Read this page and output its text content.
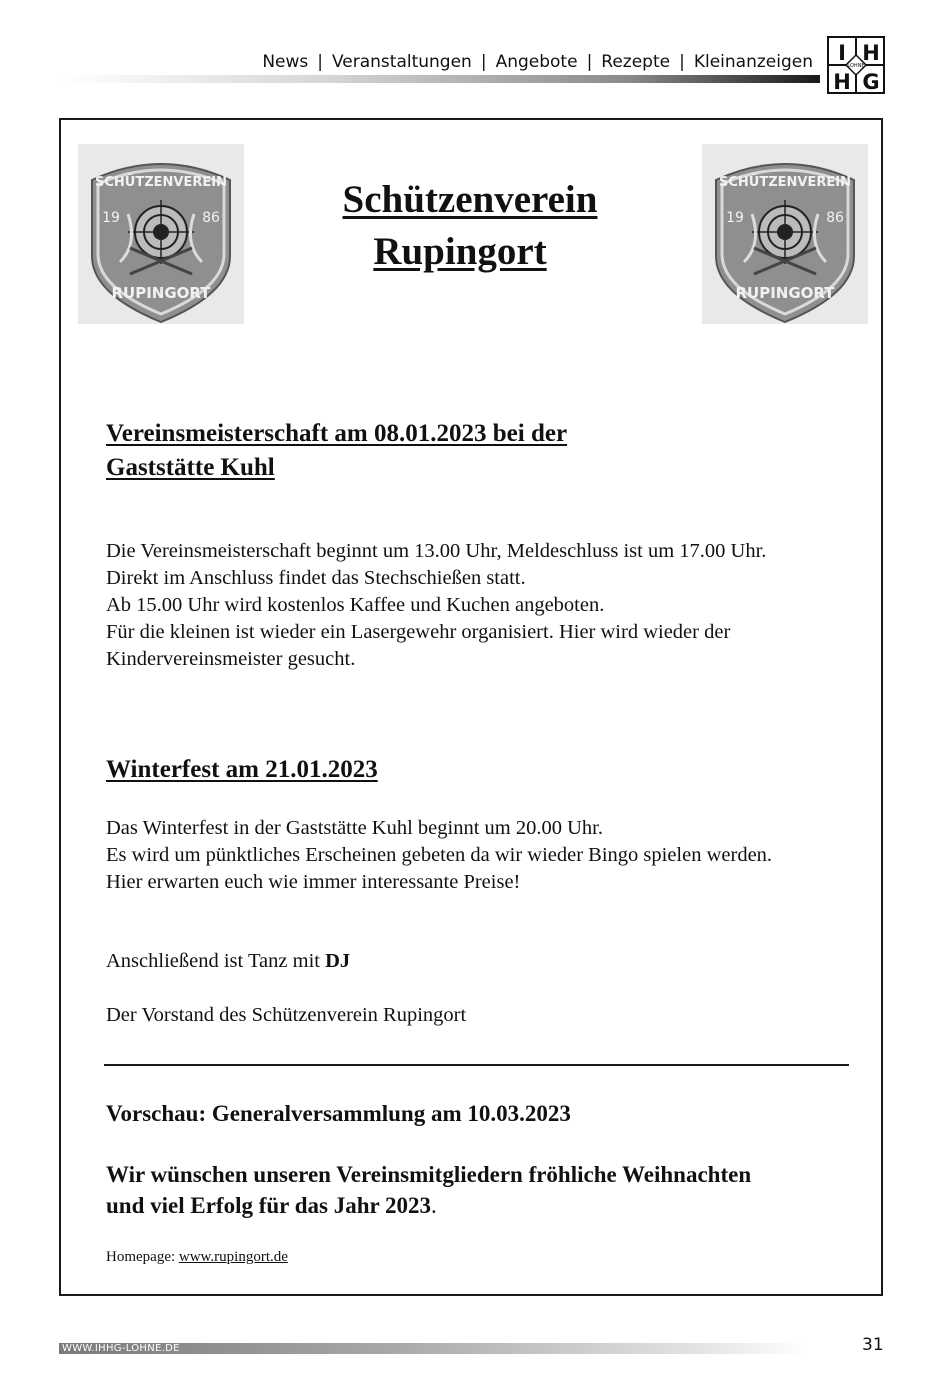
News | Veranstaltungen | Angebote | Rezepte | Kleinanzeigen I H
H G
LOHNE
SCHÜTZENVEREIN
19	86
RUPINGORT
Schützenverein

Rupingort
SCHÜTZENVEREIN
19	86
RUPINGORT
Vereinsmeisterschaft am 08.01.2023 bei der
Gaststätte Kuhl
Die Vereinsmeisterschaft beginnt um 13.00 Uhr, Meldeschluss ist um 17.00 Uhr.
Direkt im Anschluss findet das Stechschießen statt.
Ab 15.00 Uhr wird kostenlos Kaffee und Kuchen angeboten.
Für die kleinen ist wieder ein Lasergewehr organisiert. Hier wird wieder der
Kindervereinsmeister gesucht.
Winterfest am 21.01.2023
Das Winterfest in der Gaststätte Kuhl beginnt um 20.00 Uhr.
Es wird um pünktliches Erscheinen gebeten da wir wieder Bingo spielen werden.
Hier erwarten euch wie immer interessante Preise!
Anschließend ist Tanz mit DJ
Der Vorstand des Schützenverein Rupingort
Vorschau: Generalversammlung am 10.03.2023
Wir wünschen unseren Vereinsmitgliedern fröhliche Weihnachten
und viel Erfolg für das Jahr 2023.
Homepage: www.rupingort.de
WWW.IHHG-LOHNE.DE	31
